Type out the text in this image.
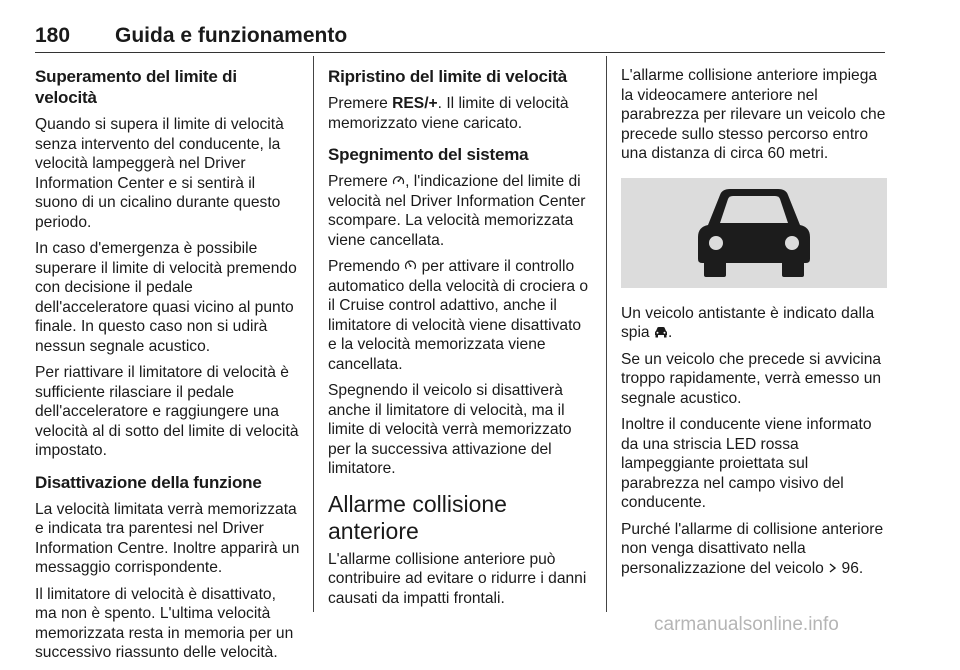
180 Guida e funzionamento
Superamento del limite di velocità

Quando si supera il limite di velocità senza intervento del conducente, la velocità lampeggerà nel Driver Information Center e si sentirà il suono di un cicalino durante questo periodo.

In caso d'emergenza è possibile superare il limite di velocità premendo con decisione il pedale dell'acceleratore quasi vicino al punto finale. In questo caso non si udirà nessun segnale acustico.

Per riattivare il limitatore di velocità è sufficiente rilasciare il pedale dell'acceleratore e raggiungere una velocità al di sotto del limite di velocità impostato.

Disattivazione della funzione

La velocità limitata verrà memorizzata e indicata tra parentesi nel Driver Information Centre. Inoltre apparirà un messaggio corrispondente.

Il limitatore di velocità è disattivato, ma non è spento. L'ultima velocità memorizzata resta in memoria per un successivo riassunto delle velocità.

Ripristino del limite di velocità

Premere RES/+. Il limite di velocità memorizzato viene caricato.

Spegnimento del sistema

Premere , l'indicazione del limite di velocità nel Driver Information Center scompare. La velocità memorizzata viene cancellata.

Premendo  per attivare il controllo automatico della velocità di crociera o il Cruise control adattivo, anche il limitatore di velocità viene disattivato e la velocità memorizzata viene cancellata.

Spegnendo il veicolo si disattiverà anche il limitatore di velocità, ma il limite di velocità verrà memorizzato per la successiva attivazione del limitatore.

Allarme collisione anteriore

L'allarme collisione anteriore può contribuire ad evitare o ridurre i danni causati da impatti frontali.

L'allarme collisione anteriore impiega la videocamere anteriore nel parabrezza per rilevare un veicolo che precede sullo stesso percorso entro una distanza di circa 60 metri.

Un veicolo antistante è indicato dalla spia .

Se un veicolo che precede si avvicina troppo rapidamente, verrà emesso un segnale acustico.

Inoltre il conducente viene informato da una striscia LED rossa lampeggiante proiettata sul parabrezza nel campo visivo del conducente.

Purché l'allarme di collisione anteriore non venga disattivato nella personalizzazione del veicolo  96.

carmanualsonline.info
